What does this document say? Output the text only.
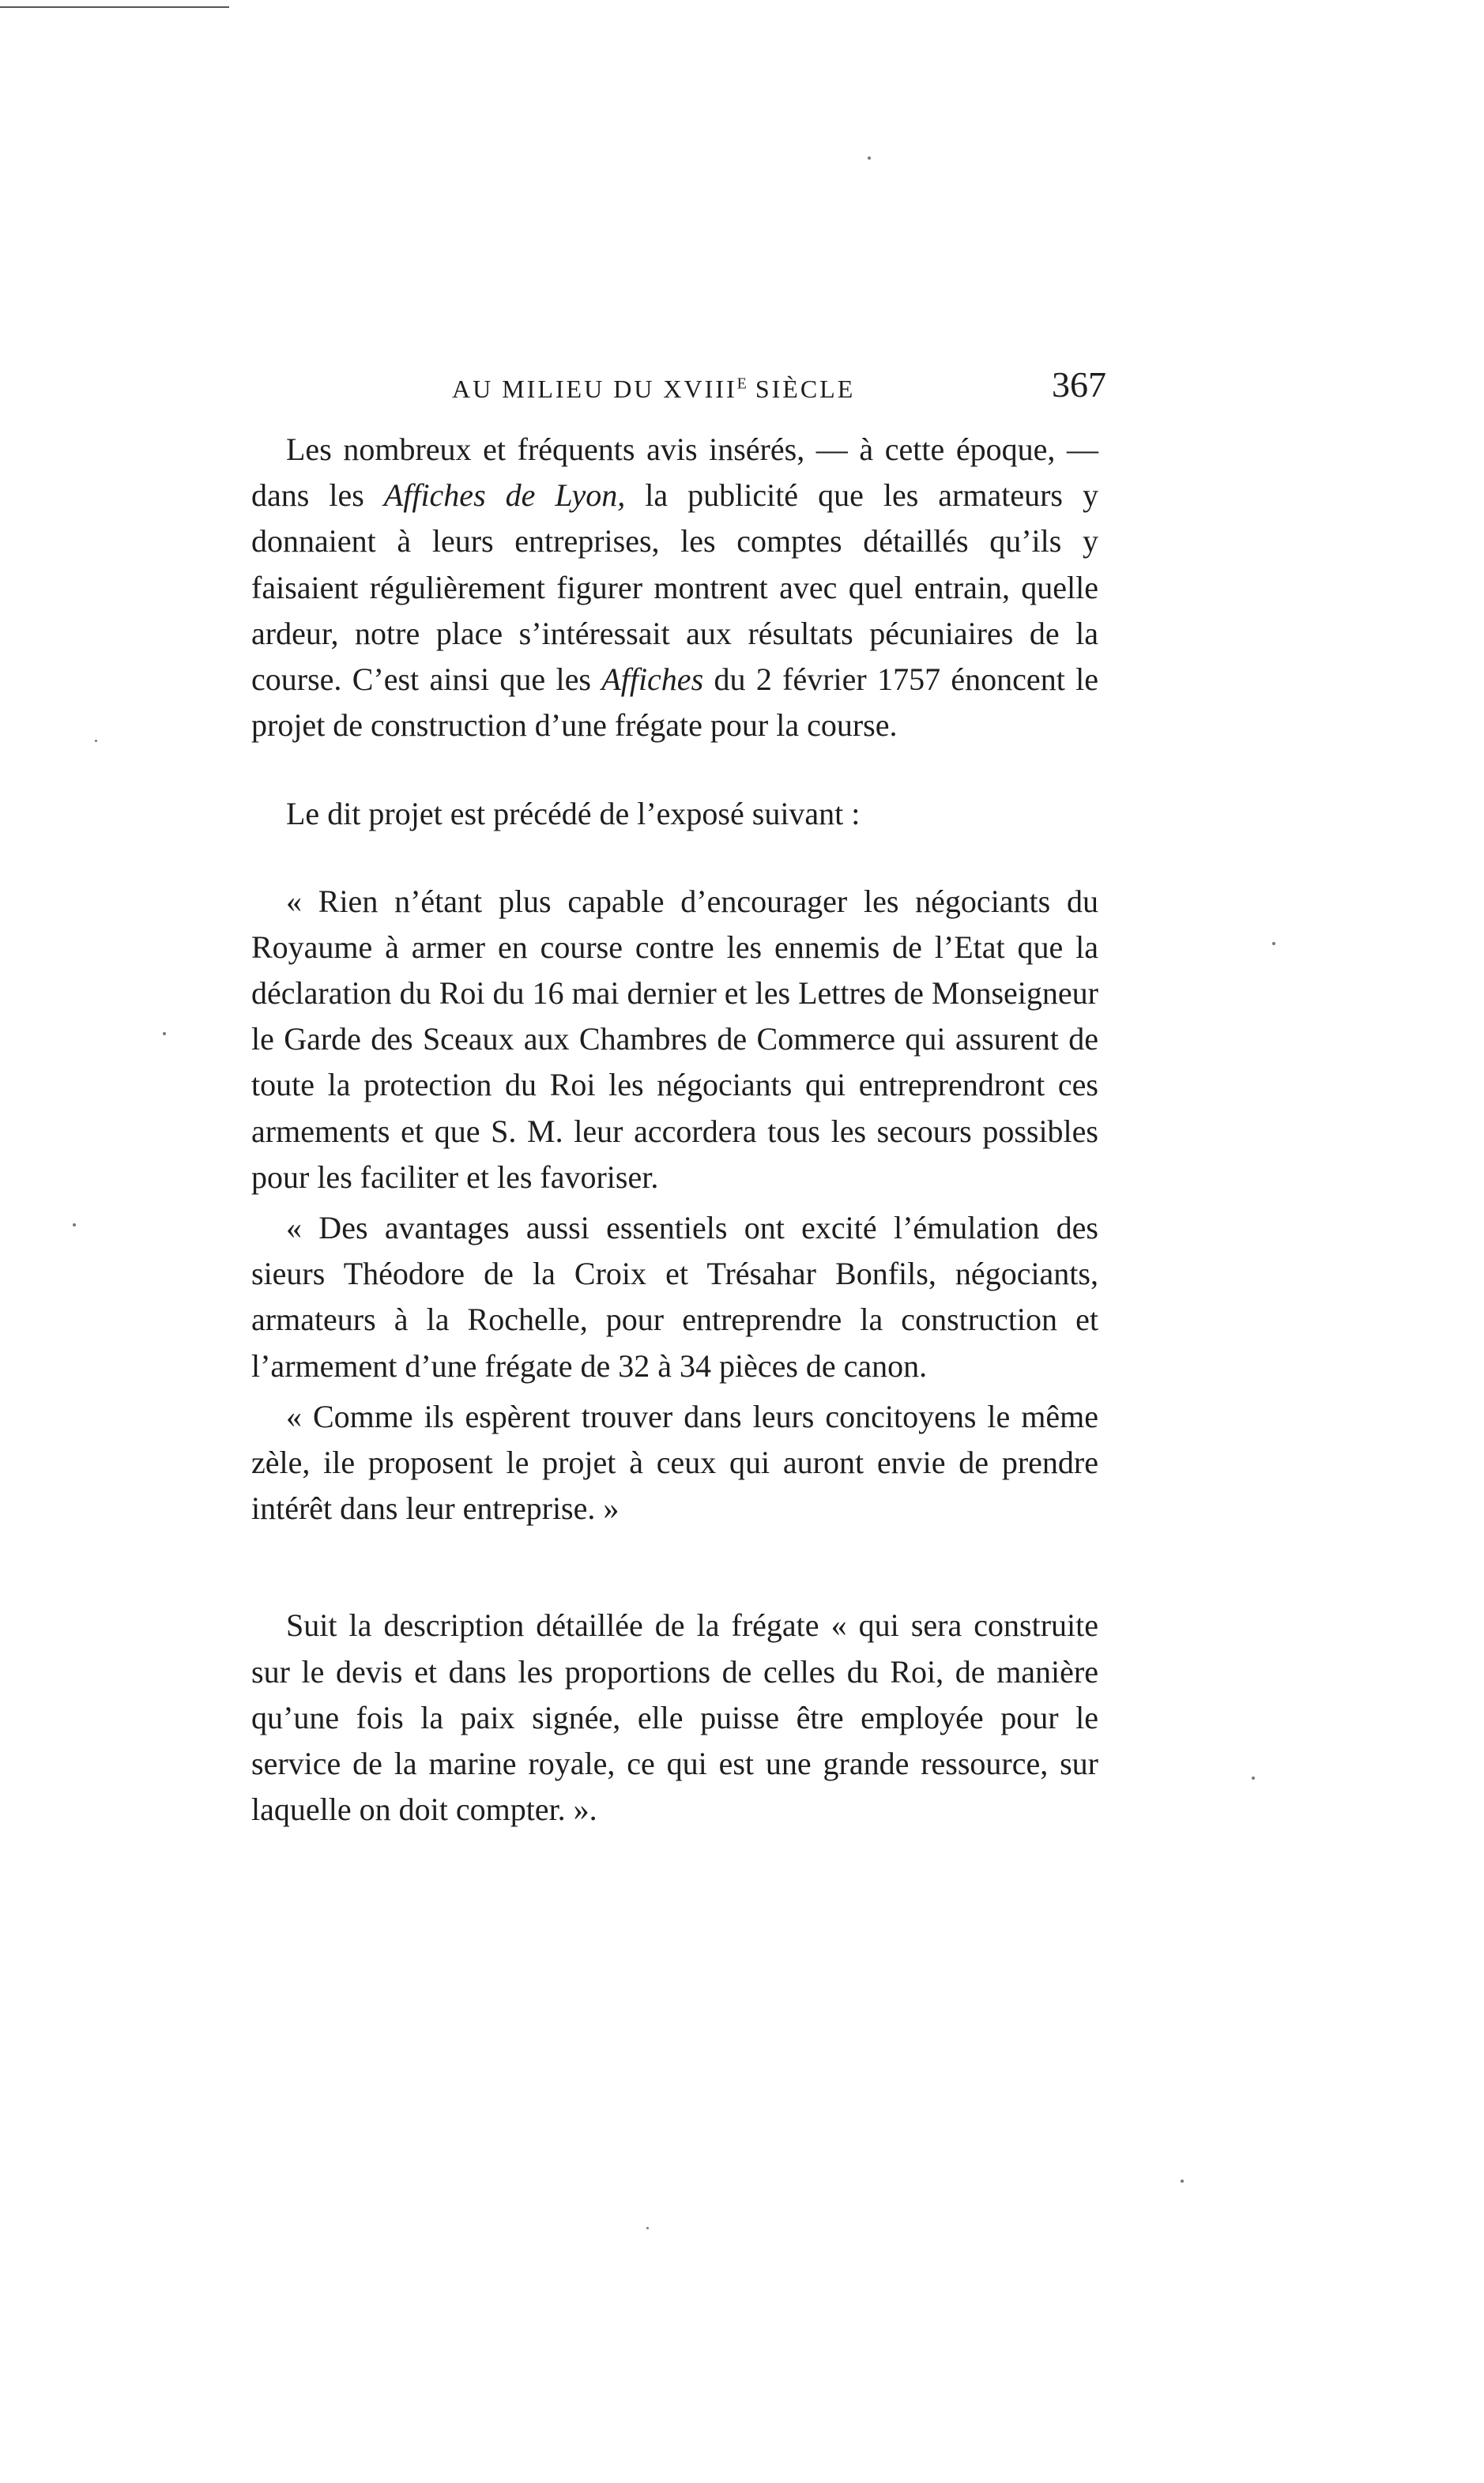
AU MILIEU DU $XVIII^E$ SIÈCLE	367

Les nombreux et fréquents avis insérés, — à cette époque, — dans les Affiches de Lyon, la publicité que les armateurs y donnaient à leurs entreprises, les comptes détaillés qu’ils y faisaient régulièrement figurer montrent avec quel entrain, quelle ardeur, notre place s’intéressait aux résultats pécuniaires de la course. C’est ainsi que les Affiches du 2 février 1757 énoncent le projet de construction d’une frégate pour la course.

Le dit projet est précédé de l’exposé suivant :

« Rien n’étant plus capable d’encourager les négociants du Royaume à armer en course contre les ennemis de l’Etat que la déclaration du Roi du 16 mai dernier et les Lettres de Monseigneur le Garde des Sceaux aux Chambres de Commerce qui assurent de toute la protection du Roi les négociants qui entreprendront ces armements et que S. M. leur accordera tous les secours possibles pour les faciliter et les favoriser.

« Des avantages aussi essentiels ont excité l’émulation des sieurs Théodore de la Croix et Trésahar Bonfils, négociants, armateurs à la Rochelle, pour entreprendre la construction et l’armement d’une frégate de 32 à 34 pièces de canon.

« Comme ils espèrent trouver dans leurs concitoyens le même zèle, ile proposent le projet à ceux qui auront envie de prendre intérêt dans leur entreprise. »

Suit la description détaillée de la frégate « qui sera construite sur le devis et dans les proportions de celles du Roi, de manière qu’une fois la paix signée, elle puisse être employée pour le service de la marine royale, ce qui est une grande ressource, sur laquelle on doit compter. ».
